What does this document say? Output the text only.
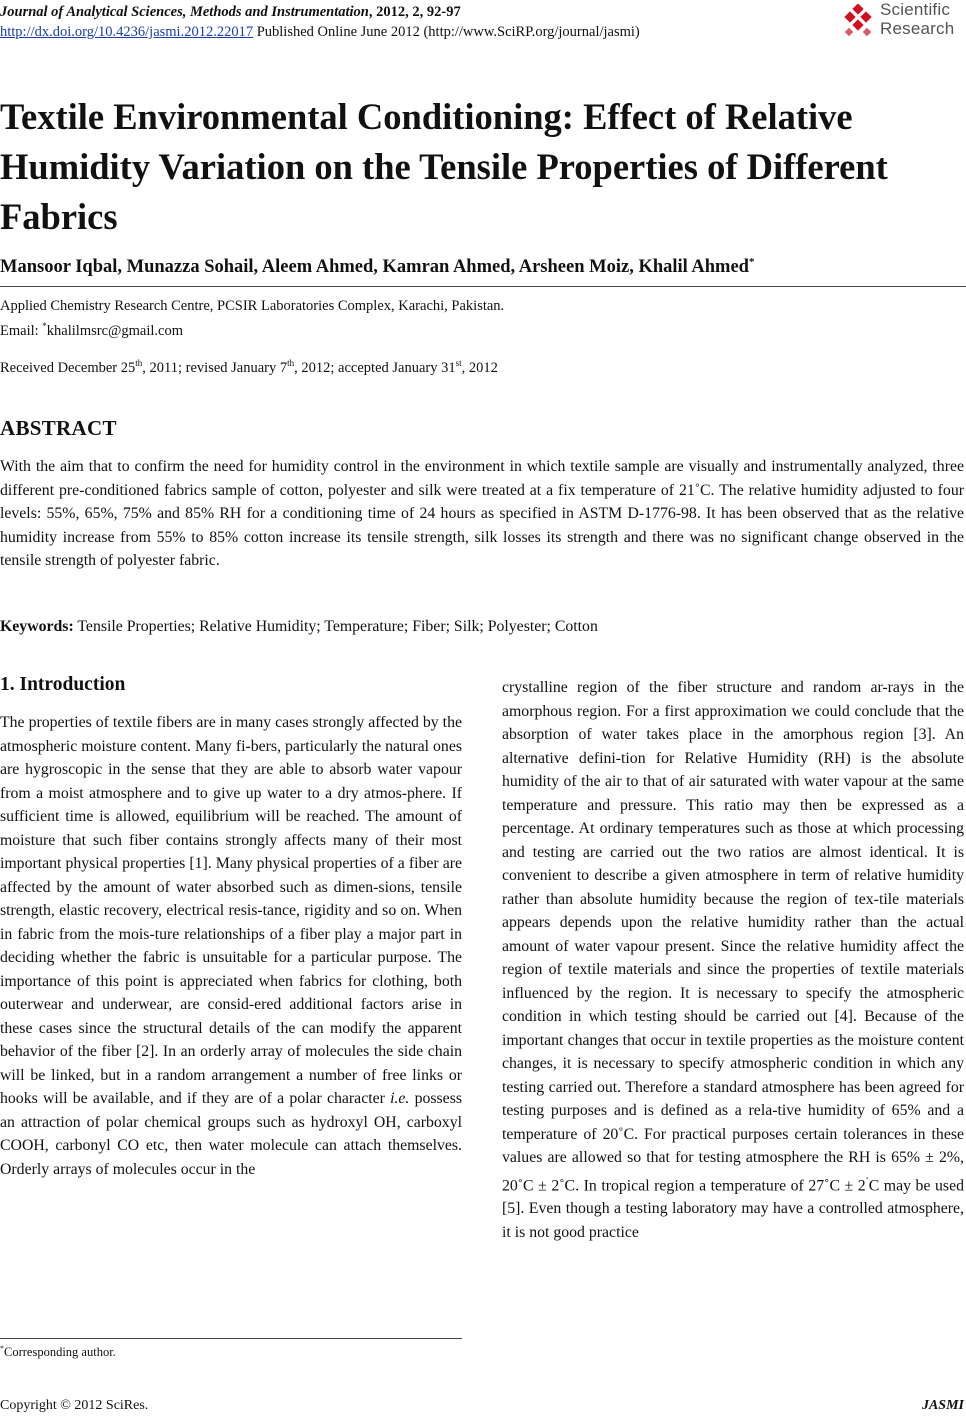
Journal of Analytical Sciences, Methods and Instrumentation, 2012, 2, 92-97
http://dx.doi.org/10.4236/jasmi.2012.22017 Published Online June 2012 (http://www.SciRP.org/journal/jasmi)
Scientific
Research
Textile Environmental Conditioning: Effect of Relative Humidity Variation on the Tensile Properties of Different Fabrics
Mansoor Iqbal, Munazza Sohail, Aleem Ahmed, Kamran Ahmed, Arsheen Moiz, Khalil Ahmed*
Applied Chemistry Research Centre, PCSIR Laboratories Complex, Karachi, Pakistan.
Email: *khalilmsrc@gmail.com
Received December 25th, 2011; revised January 7th, 2012; accepted January 31st, 2012
ABSTRACT

With the aim that to confirm the need for humidity control in the environment in which textile sample are visually and instrumentally analyzed, three different pre-conditioned fabrics sample of cotton, polyester and silk were treated at a fix temperature of 21˚C. The relative humidity adjusted to four levels: 55%, 65%, 75% and 85% RH for a conditioning time of 24 hours as specified in ASTM D-1776-98. It has been observed that as the relative humidity increase from 55% to 85% cotton increase its tensile strength, silk losses its strength and there was no significant change observed in the tensile strength of polyester fabric.

Keywords: Tensile Properties; Relative Humidity; Temperature; Fiber; Silk; Polyester; Cotton
1. Introduction

The properties of textile fibers are in many cases strongly affected by the atmospheric moisture content. Many fi-bers, particularly the natural ones are hygroscopic in the sense that they are able to absorb water vapour from a moist atmosphere and to give up water to a dry atmos-phere. If sufficient time is allowed, equilibrium will be reached. The amount of moisture that such fiber contains strongly affects many of their most important physical properties [1]. Many physical properties of a fiber are affected by the amount of water absorbed such as dimen-sions, tensile strength, elastic recovery, electrical resis-tance, rigidity and so on. When in fabric from the mois-ture relationships of a fiber play a major part in deciding whether the fabric is unsuitable for a particular purpose. The importance of this point is appreciated when fabrics for clothing, both outerwear and underwear, are consid-ered additional factors arise in these cases since the structural details of the can modify the apparent behavior of the fiber [2]. In an orderly array of molecules the side chain will be linked, but in a random arrangement a number of free links or hooks will be available, and if they are of a polar character i.e. possess an attraction of polar chemical groups such as hydroxyl OH, carboxyl COOH, carbonyl CO etc, then water molecule can attach themselves. Orderly arrays of molecules occur in the

crystalline region of the fiber structure and random ar-rays in the amorphous region. For a first approximation we could conclude that the absorption of water takes place in the amorphous region [3]. An alternative defini-tion for Relative Humidity (RH) is the absolute humidity of the air to that of air saturated with water vapour at the same temperature and pressure. This ratio may then be expressed as a percentage. At ordinary temperatures such as those at which processing and testing are carried out the two ratios are almost identical. It is convenient to describe a given atmosphere in term of relative humidity rather than absolute humidity because the region of tex-tile materials appears depends upon the relative humidity rather than the actual amount of water vapour present. Since the relative humidity affect the region of textile materials and since the properties of textile materials influenced by the region. It is necessary to specify the atmospheric condition in which testing should be carried out [4]. Because of the important changes that occur in textile properties as the moisture content changes, it is necessary to specify atmospheric condition in which any testing carried out. Therefore a standard atmosphere has been agreed for testing purposes and is defined as a rela-tive humidity of 65% and a temperature of 20˚C. For practical purposes certain tolerances in these values are allowed so that for testing atmosphere the RH is 65% ± 2%, 20˚C ± 2˚C. In tropical region a temperature of 27˚C ± 2˚C may be used [5]. Even though a testing laboratory may have a controlled atmosphere, it is not good practice

*Corresponding author.
Copyright © 2012 SciRes.	JASMI
